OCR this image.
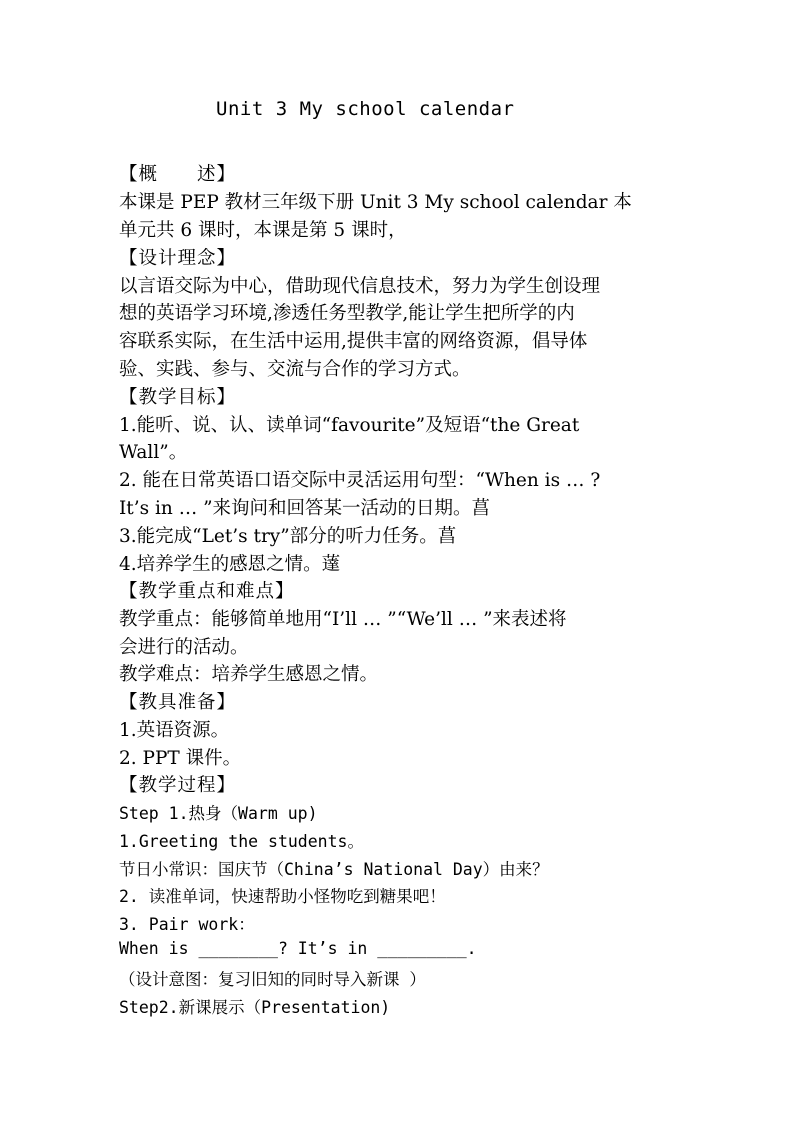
Unit 3 My school calendar
【概　　述】
本课是 PEP 教材三年级下册 Unit 3 My school calendar 本
单元共 6 课时，本课是第 5 课时，
【设计理念】
以言语交际为中心，借助现代信息技术，努力为学生创设理
想的英语学习环境,渗透任务型教学,能让学生把所学的内
容联系实际，在生活中运用,提供丰富的网络资源，倡导体
验、实践、参与、交流与合作的学习方式。
【教学目标】
1.能听、说、认、读单词“favourite”及短语“the Great
Wall”。
2. 能在日常英语口语交际中灵活运用句型：“When is … ?
It’s in … ”来询问和回答某一活动的日期。菖
3.能完成“Let’s try”部分的听力任务。菖
4.培养学生的感恩之情。薘
【教学重点和难点】
教学重点：能够简单地用“I’ll … ”“We’ll … ”来表述将
会进行的活动。
教学难点：培养学生感恩之情。
【教具准备】
1.英语资源。
2. PPT 课件。
【教学过程】
Step 1.热身（Warm up)
1.Greeting the students。
节日小常识：国庆节（China’s National Day）由来？
2. 读准单词，快速帮助小怪物吃到糖果吧！
3. Pair work：
When is ________? It’s in _________.
（设计意图：复习旧知的同时导入新课 ）
Step2.新课展示（Presentation)
